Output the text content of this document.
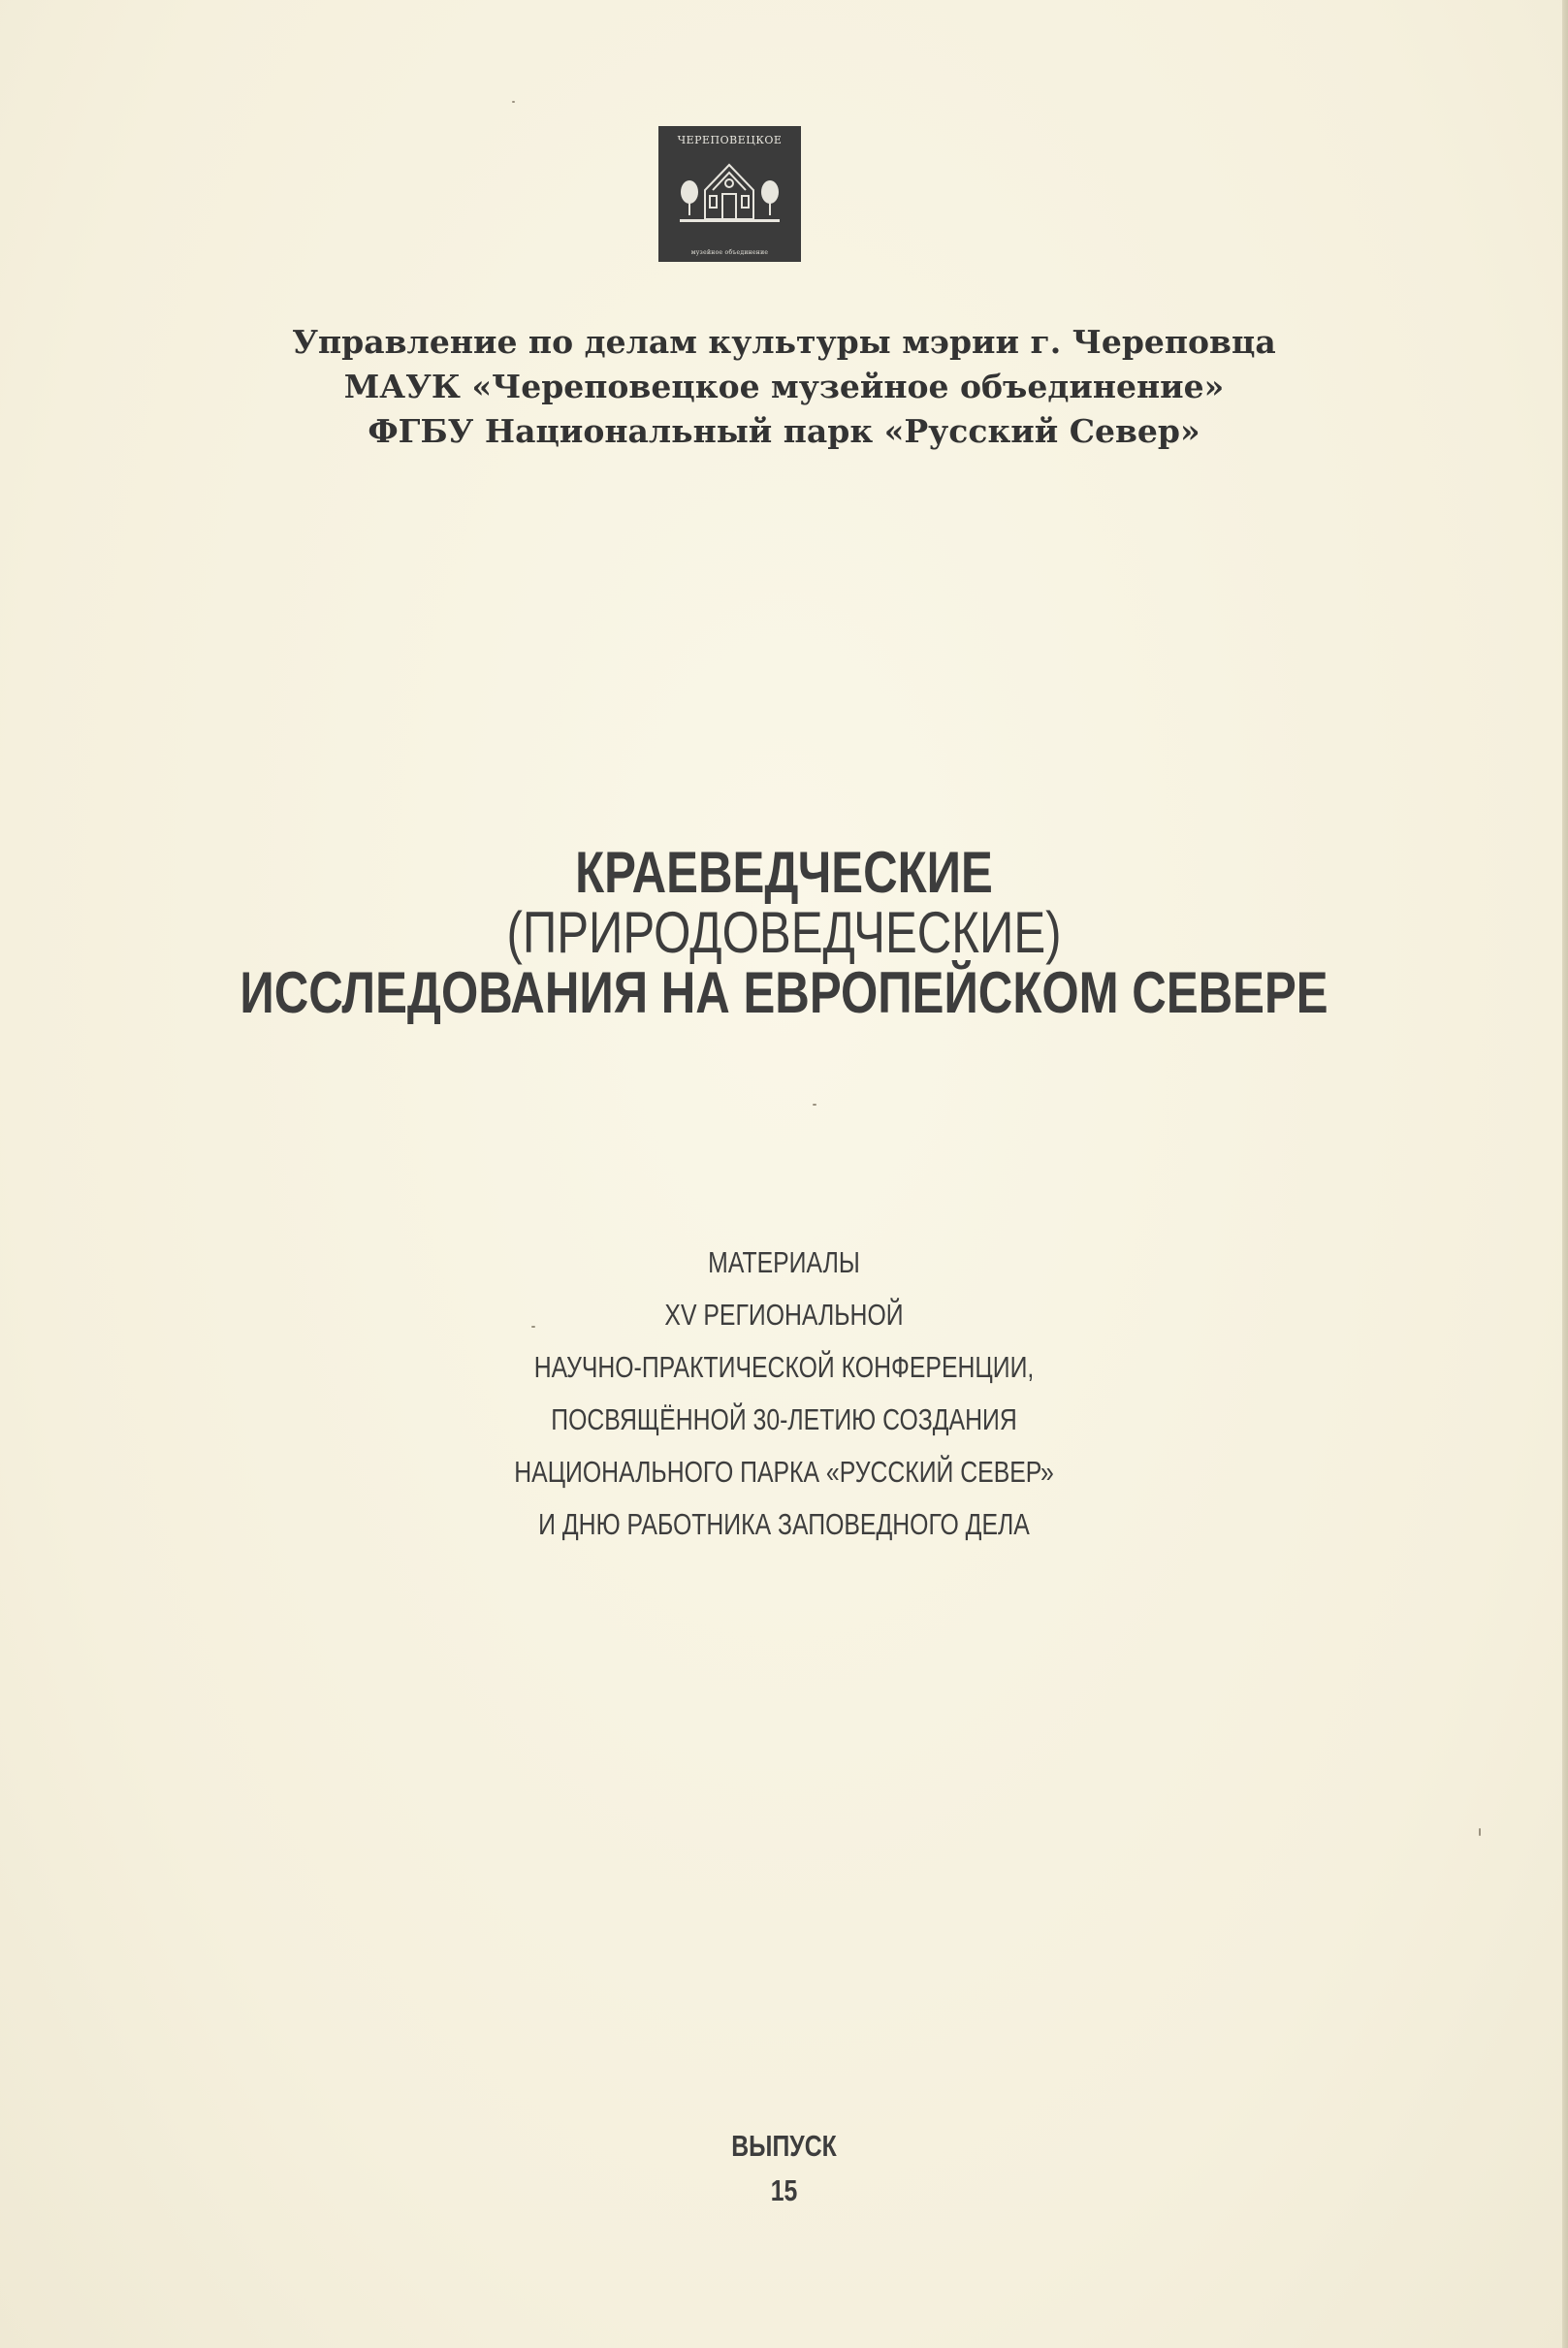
ЧЕРЕПОВЕЦКОЕ
музейное объединение
Управление по делам культуры мэрии г. Череповца
МАУК «Череповецкое музейное объединение»
ФГБУ Национальный парк «Русский Север»
КРАЕВЕДЧЕСКИЕ
(ПРИРОДОВЕДЧЕСКИЕ)
ИССЛЕДОВАНИЯ НА ЕВРОПЕЙСКОМ СЕВЕРЕ
МАТЕРИАЛЫ
XV РЕГИОНАЛЬНОЙ
НАУЧНО-ПРАКТИЧЕСКОЙ КОНФЕРЕНЦИИ,
ПОСВЯЩЁННОЙ 30-ЛЕТИЮ СОЗДАНИЯ
НАЦИОНАЛЬНОГО ПАРКА «РУССКИЙ СЕВЕР»
И ДНЮ РАБОТНИКА ЗАПОВЕДНОГО ДЕЛА
ВЫПУСК
15
